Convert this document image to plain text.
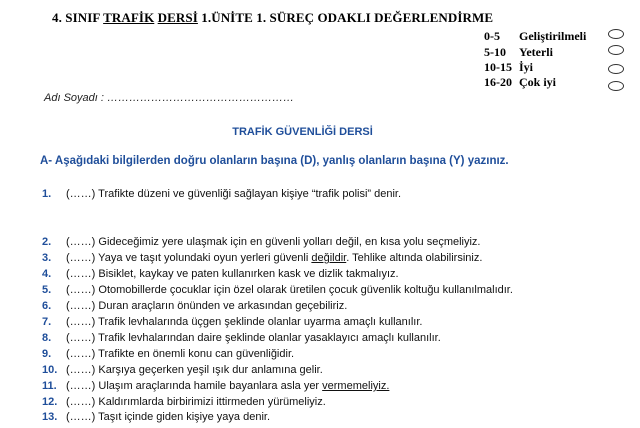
4. SINIF TRAFİK DERSİ 1.ÜNİTE 1. SÜREÇ ODAKLI DEĞERLENDİRME
0-5 Geliştirilmeli
5-10 Yeterli
10-15 İyi
16-20 Çok iyi
Adı Soyadı : ……………………………………………
TRAFİK GÜVENLİĞİ DERSİ
A- Aşağıdaki bilgilerden doğru olanların başına (D), yanlış olanların başına (Y) yazınız.
1. (……) Trafikte düzeni ve güvenliği sağlayan kişiye “trafik polisi” denir.
2. (……) Gideceğimiz yere ulaşmak için en güvenli yolları değil, en kısa yolu seçmeliyiz.
3. (……) Yaya ve taşıt yolundaki oyun yerleri güvenli değildir. Tehlike altında olabilirsiniz.
4. (……) Bisiklet, kaykay ve paten kullanırken kask ve dizlik takmalıyız.
5. (……) Otomobillerde çocuklar için özel olarak üretilen çocuk güvenlik koltuğu kullanılmalıdır.
6. (……) Duran araçların önünden ve arkasından geçebiliriz.
7. (……) Trafik levhalarında üçgen şeklinde olanlar uyarma amaçlı kullanılır.
8. (……) Trafik levhalarından daire şeklinde olanlar yasaklayıcı amaçlı kullanılır.
9. (……) Trafikte en önemli konu can güvenliğidir.
10. (……) Karşıya geçerken yeşil ışık dur anlamına gelir.
11. (……) Ulaşım araçlarında hamile bayanlara asla yer vermemeliyiz.
12. (……) Kaldırımlarda birbirimizi ittirmeden yürümeliyiz.
13. (……) Taşıt içinde giden kişiye yaya denir.
